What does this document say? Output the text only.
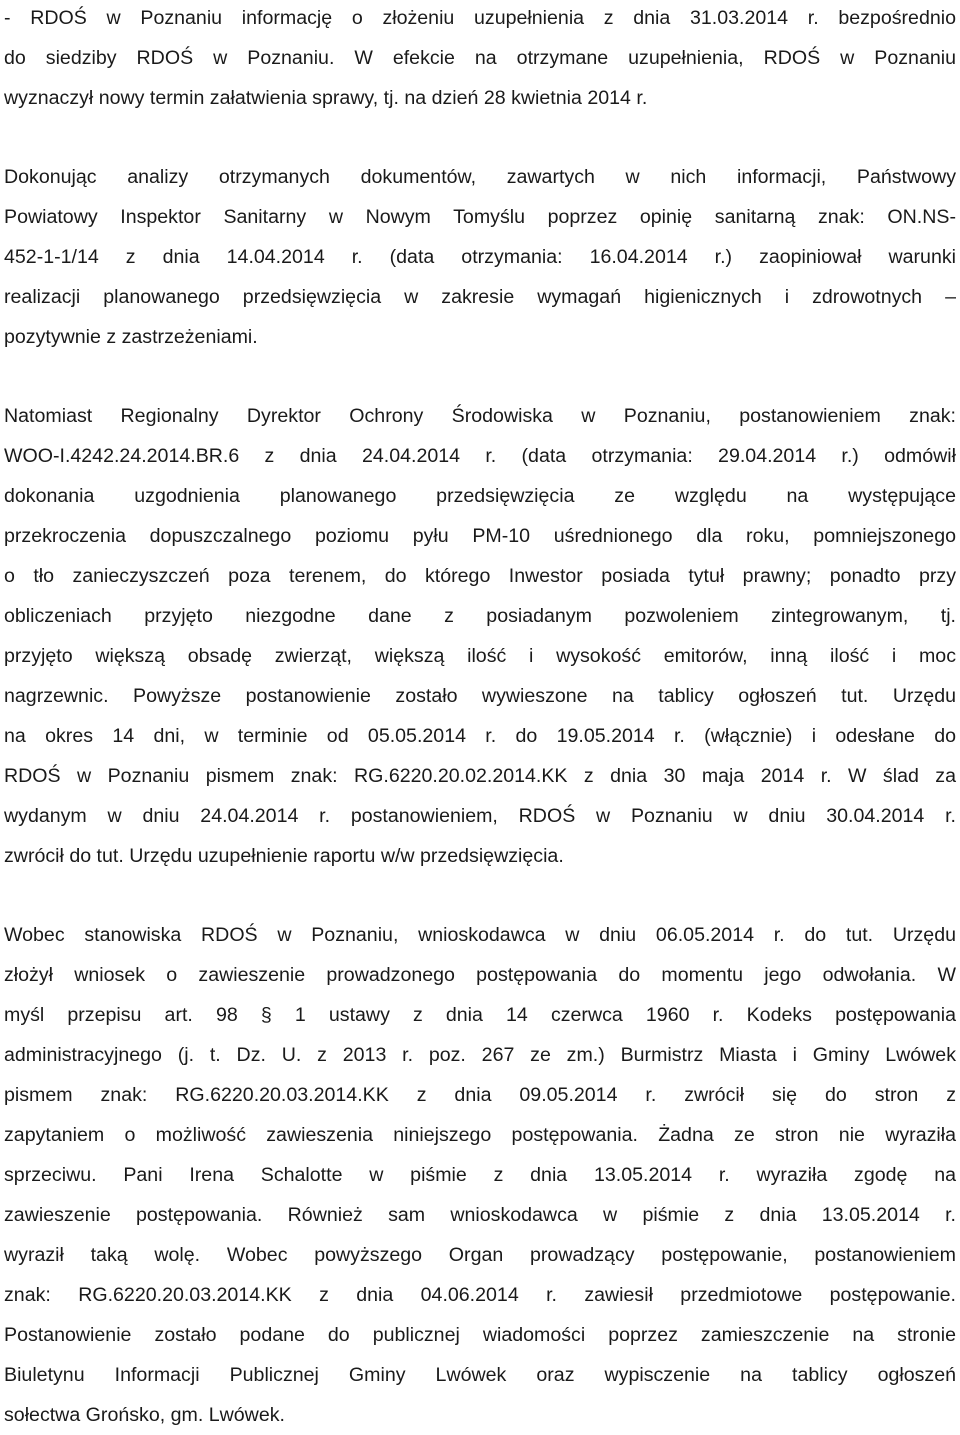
- RDOŚ w Poznaniu informację o złożeniu uzupełnienia z dnia 31.03.2014 r. bezpośrednio
do siedziby RDOŚ w Poznaniu. W efekcie na otrzymane uzupełnienia, RDOŚ w Poznaniu
wyznaczył nowy termin załatwienia sprawy, tj. na dzień 28 kwietnia 2014 r.
Dokonując analizy otrzymanych dokumentów, zawartych w nich informacji, Państwowy
Powiatowy Inspektor Sanitarny w Nowym Tomyślu poprzez opinię sanitarną znak: ON.NS-
452-1-1/14 z dnia 14.04.2014 r. (data otrzymania: 16.04.2014 r.) zaopiniował warunki
realizacji planowanego przedsięwzięcia w zakresie wymagań higienicznych i zdrowotnych –
pozytywnie z zastrzeżeniami.
Natomiast Regionalny Dyrektor Ochrony Środowiska w Poznaniu, postanowieniem znak:
WOO-I.4242.24.2014.BR.6 z dnia 24.04.2014 r. (data otrzymania: 29.04.2014 r.) odmówił
dokonania uzgodnienia planowanego przedsięwzięcia ze względu na występujące
przekroczenia dopuszczalnego poziomu pyłu PM-10 uśrednionego dla roku, pomniejszonego
o tło zanieczyszczeń poza terenem, do którego Inwestor posiada tytuł prawny; ponadto przy
obliczeniach przyjęto niezgodne dane z posiadanym pozwoleniem zintegrowanym, tj.
przyjęto większą obsadę zwierząt, większą ilość i wysokość emitorów, inną ilość i moc
nagrzewnic. Powyższe postanowienie zostało wywieszone na tablicy ogłoszeń tut. Urzędu
na okres 14 dni, w terminie od 05.05.2014 r. do 19.05.2014 r. (włącznie) i odesłane do
RDOŚ w Poznaniu pismem znak: RG.6220.20.02.2014.KK z dnia 30 maja 2014 r. W ślad za
wydanym w dniu 24.04.2014 r. postanowieniem, RDOŚ w Poznaniu w dniu 30.04.2014 r.
zwrócił do tut. Urzędu uzupełnienie raportu w/w przedsięwzięcia.
Wobec stanowiska RDOŚ w Poznaniu, wnioskodawca w dniu 06.05.2014 r. do tut. Urzędu
złożył wniosek o zawieszenie prowadzonego postępowania do momentu jego odwołania. W
myśl przepisu art. 98 § 1 ustawy z dnia 14 czerwca 1960 r. Kodeks postępowania
administracyjnego (j. t. Dz. U. z 2013 r. poz. 267 ze zm.) Burmistrz Miasta i Gminy Lwówek
pismem znak: RG.6220.20.03.2014.KK z dnia 09.05.2014 r. zwrócił się do stron z
zapytaniem o możliwość zawieszenia niniejszego postępowania. Żadna ze stron nie wyraziła
sprzeciwu. Pani Irena Schalotte w piśmie z dnia 13.05.2014 r. wyraziła zgodę na
zawieszenie postępowania. Również sam wnioskodawca w piśmie z dnia 13.05.2014 r.
wyraził taką wolę. Wobec powyższego Organ prowadzący postępowanie, postanowieniem
znak: RG.6220.20.03.2014.KK z dnia 04.06.2014 r. zawiesił przedmiotowe postępowanie.
Postanowienie zostało podane do publicznej wiadomości poprzez zamieszczenie na stronie
Biuletynu Informacji Publicznej Gminy Lwówek oraz wypisczenie na tablicy ogłoszeń
sołectwa Grońsko, gm. Lwówek.
